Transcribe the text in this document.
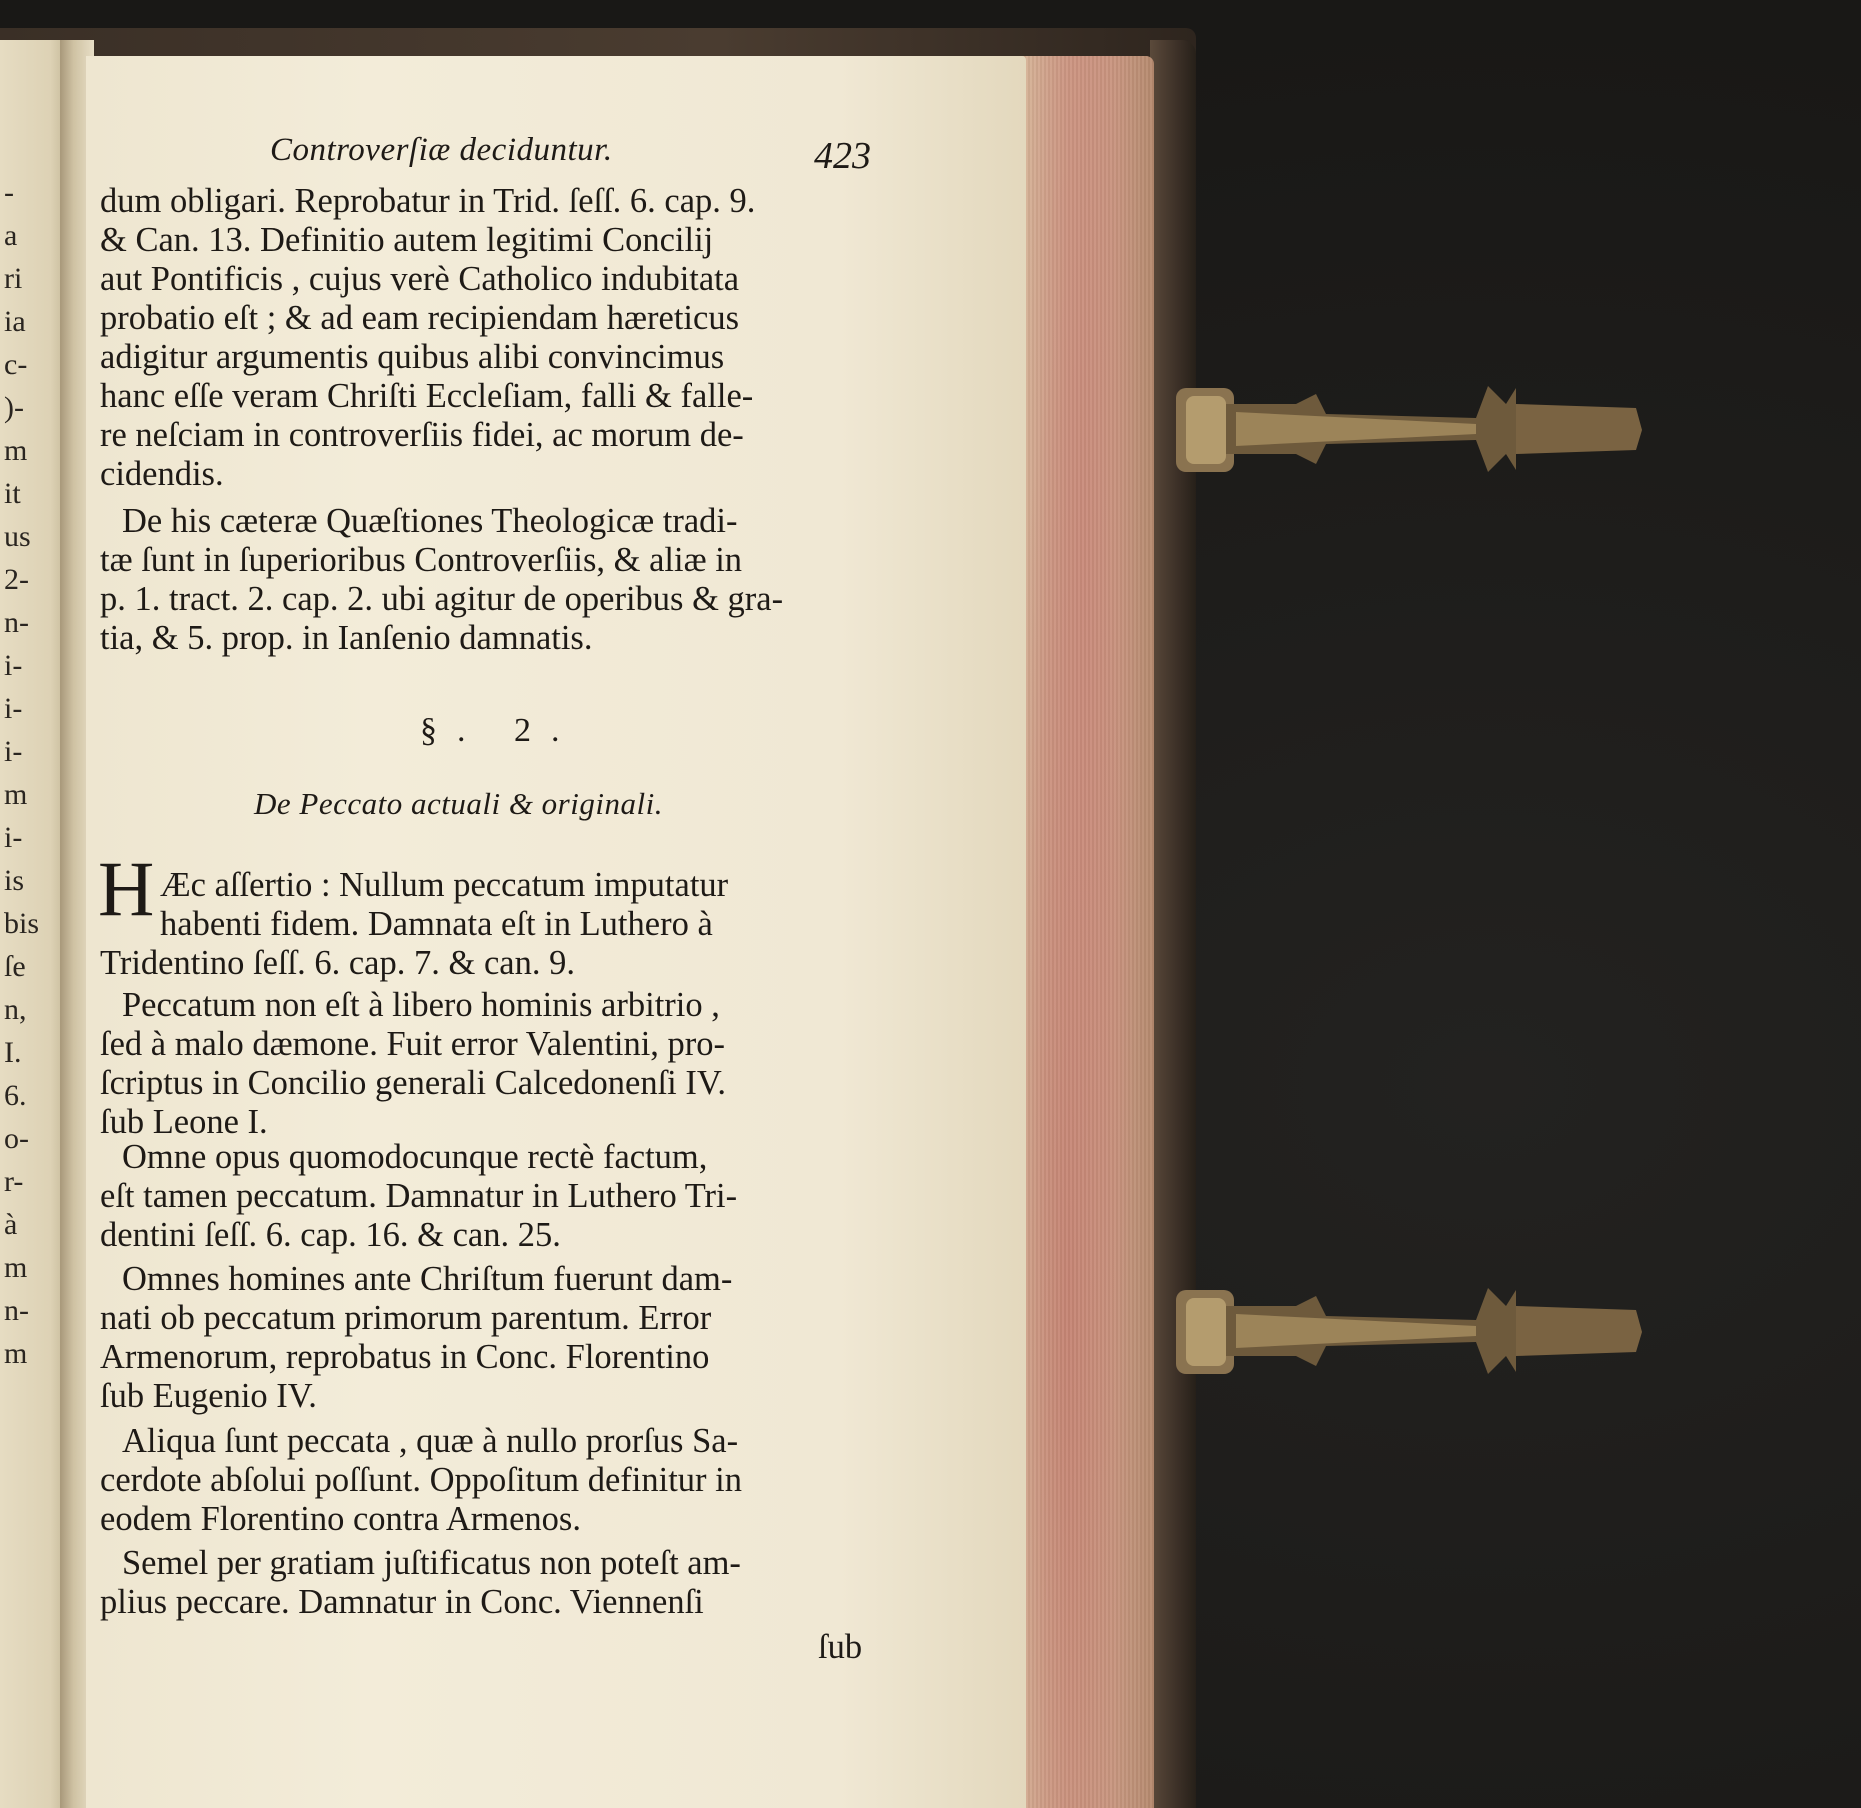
-
a
ri
ia
c-
)-
m
it
us
2-
n-
i-
i-
i-
m
i-
is
bis
ſe
n,
I.
6.
o-
r-
à
m
n-
m
Controverſiæ deciduntur.	423
§. 2.
De Peccato actuali & originali.
H
ſub
dum obligari. Reprobatur in Trid. ſeſſ. 6. cap. 9.
& Can. 13. Definitio autem legitimi Concilij
aut Pontificis , cujus verè Catholico indubitata
probatio eſt ; & ad eam recipiendam hæreticus
adigitur argumentis quibus alibi convincimus
hanc eſſe veram Chriſti Eccleſiam, falli & falle-
re neſciam in controverſiis fidei, ac morum de-
cidendis.
De his cæteræ Quæſtiones Theologicæ tradi-
tæ ſunt in ſuperioribus Controverſiis, & aliæ in
p. 1. tract. 2. cap. 2. ubi agitur de operibus & gra-
tia, & 5. prop. in Ianſenio damnatis.
Æc aſſertio : Nullum peccatum imputatur
habenti fidem. Damnata eſt in Luthero à
Tridentino ſeſſ. 6. cap. 7. & can. 9.
Peccatum non eſt à libero hominis arbitrio ,
ſed à malo dæmone. Fuit error Valentini, pro-
ſcriptus in Concilio generali Calcedonenſi IV.
ſub Leone I.
Omne opus quomodocunque rectè factum,
eſt tamen peccatum. Damnatur in Luthero Tri-
dentini ſeſſ. 6. cap. 16. & can. 25.
Omnes homines ante Chriſtum fuerunt dam-
nati ob peccatum primorum parentum. Error
Armenorum, reprobatus in Conc. Florentino
ſub Eugenio IV.
Aliqua ſunt peccata , quæ à nullo prorſus Sa-
cerdote abſolui poſſunt. Oppoſitum definitur in
eodem Florentino contra Armenos.
Semel per gratiam juſtificatus non poteſt am-
plius peccare. Damnatur in Conc. Viennenſi
